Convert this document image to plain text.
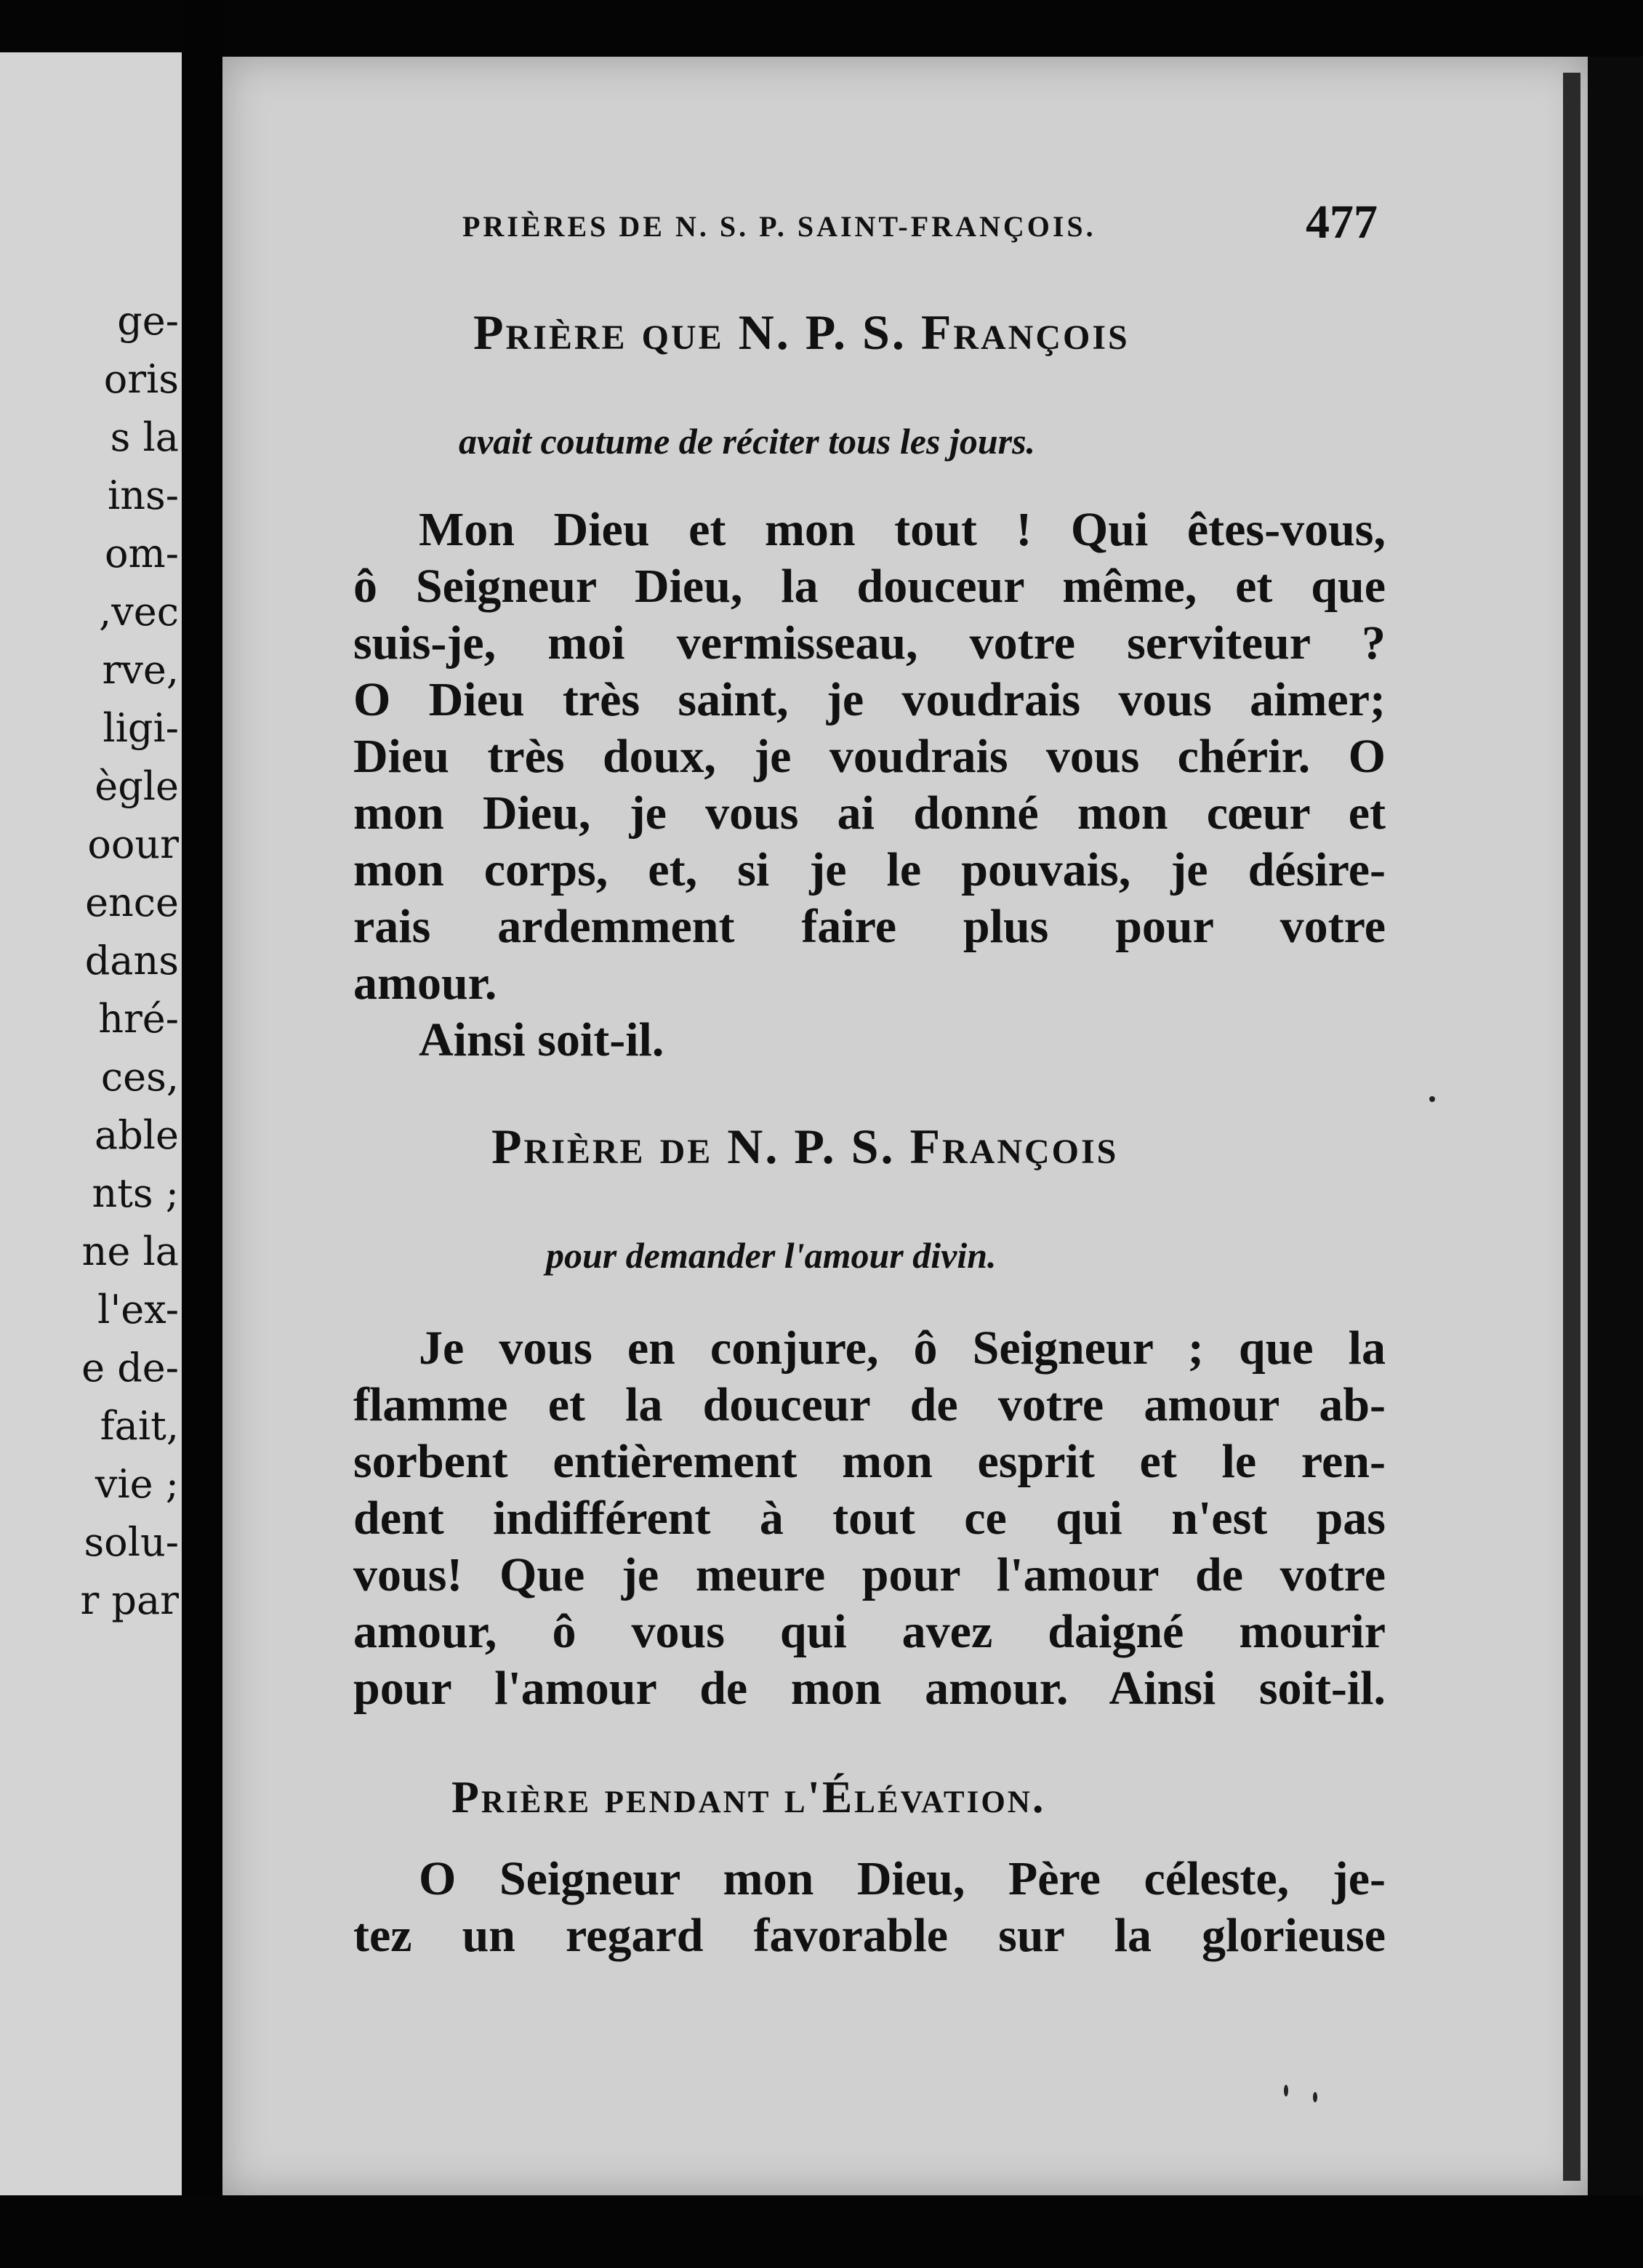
ge-
oris
s la
ins-
om-
,vec
rve,
ligi-
ègle
oour
ence
dans
hré-
ces,
able
nts ;
ne la
l'ex-
e de-
fait,
vie ;
solu-
r par
PRIÈRES DE N. S. P. SAINT-FRANÇOIS.	477
Prière que N. P. S. François
avait coutume de réciter tous les jours.
Mon Dieu et mon tout ! Qui êtes-vous,
ô Seigneur Dieu, la douceur même, et que
suis-je, moi vermisseau, votre serviteur ?
O Dieu très saint, je voudrais vous aimer;
Dieu très doux, je voudrais vous chérir. O
mon Dieu, je vous ai donné mon cœur et
mon corps, et, si je le pouvais, je désire-
rais ardemment faire plus pour votre
amour.
Ainsi soit-il.
Prière de N. P. S. François
pour demander l'amour divin.
Je vous en conjure, ô Seigneur ; que la
flamme et la douceur de votre amour ab-
sorbent entièrement mon esprit et le ren-
dent indifférent à tout ce qui n'est pas
vous! Que je meure pour l'amour de votre
amour, ô vous qui avez daigné mourir
pour l'amour de mon amour. Ainsi soit-il.
Prière pendant l'Élévation.
O Seigneur mon Dieu, Père céleste, je-
tez un regard favorable sur la glorieuse
